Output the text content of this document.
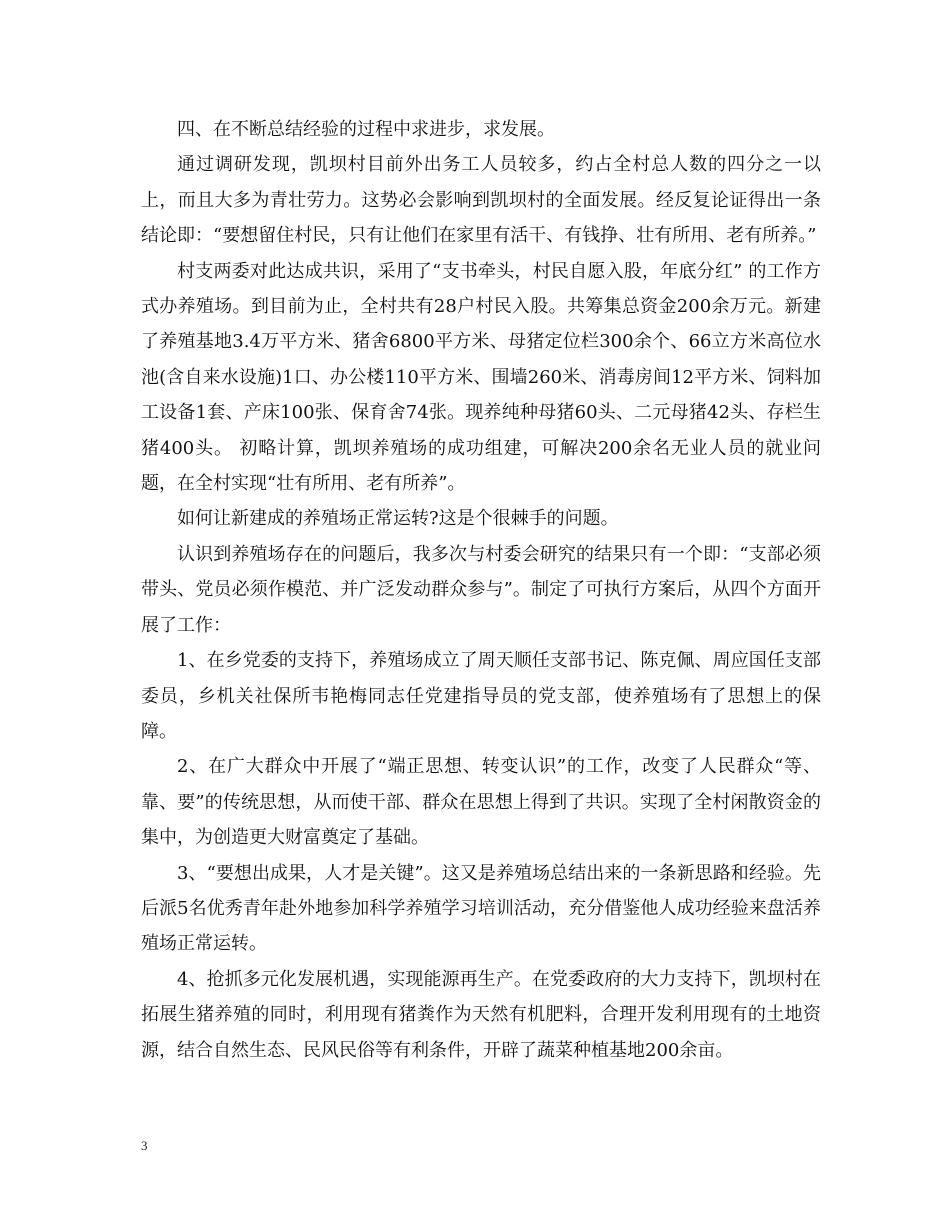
四、在不断总结经验的过程中求进步，求发展。

通过调研发现，凯坝村目前外出务工人员较多，约占全村总人数的四分之一以上，而且大多为青壮劳力。这势必会影响到凯坝村的全面发展。经反复论证得出一条结论即：“要想留住村民，只有让他们在家里有活干、有钱挣、壮有所用、老有所养。”

村支两委对此达成共识，采用了“支书牵头，村民自愿入股，年底分红” 的工作方式办养殖场。到目前为止，全村共有28户村民入股。共筹集总资金200余万元。新建了养殖基地3.4万平方米、猪舍6800平方米、母猪定位栏300余个、66立方米高位水池(含自来水设施)1口、办公楼110平方米、围墙260米、消毒房间12平方米、饲料加工设备1套、产床100张、保育舍74张。现养纯种母猪60头、二元母猪42头、存栏生猪400头。 初略计算，凯坝养殖场的成功组建，可解决200余名无业人员的就业问题，在全村实现“壮有所用、老有所养”。

如何让新建成的养殖场正常运转?这是个很棘手的问题。

认识到养殖场存在的问题后，我多次与村委会研究的结果只有一个即：“支部必须带头、党员必须作模范、并广泛发动群众参与”。制定了可执行方案后，从四个方面开展了工作：

1、在乡党委的支持下，养殖场成立了周天顺任支部书记、陈克佩、周应国任支部委员，乡机关社保所韦艳梅同志任党建指导员的党支部，使养殖场有了思想上的保障。

2、在广大群众中开展了“端正思想、转变认识”的工作，改变了人民群众“等、靠、要”的传统思想，从而使干部、群众在思想上得到了共识。实现了全村闲散资金的集中，为创造更大财富奠定了基础。

3、“要想出成果，人才是关键”。这又是养殖场总结出来的一条新思路和经验。先后派5名优秀青年赴外地参加科学养殖学习培训活动，充分借鉴他人成功经验来盘活养殖场正常运转。

4、抢抓多元化发展机遇，实现能源再生产。在党委政府的大力支持下，凯坝村在拓展生猪养殖的同时，利用现有猪粪作为天然有机肥料，合理开发利用现有的土地资源，结合自然生态、民风民俗等有利条件，开辟了蔬菜种植基地200余亩。

3
